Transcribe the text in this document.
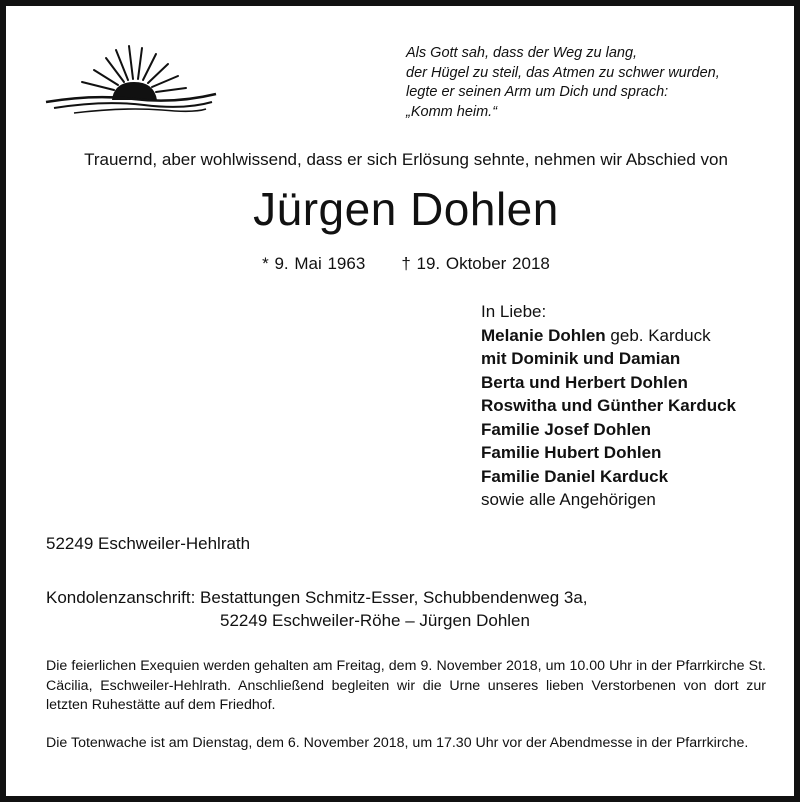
Als Gott sah, dass der Weg zu lang,
der Hügel zu steil, das Atmen zu schwer wurden,
legte er seinen Arm um Dich und sprach:
„Komm heim.“
Trauernd, aber wohlwissend, dass er sich Erlösung sehnte, nehmen wir Abschied von
Jürgen Dohlen
* 9. Mai 1963 † 19. Oktober 2018
In Liebe:
Melanie Dohlen geb. Karduck
mit Dominik und Damian
Berta und Herbert Dohlen
Roswitha und Günther Karduck
Familie Josef Dohlen
Familie Hubert Dohlen
Familie Daniel Karduck
sowie alle Angehörigen
52249 Eschweiler-Hehlrath
Kondolenzanschrift: Bestattungen Schmitz-Esser, Schubbendenweg 3a,
52249 Eschweiler-Röhe – Jürgen Dohlen
Die feierlichen Exequien werden gehalten am Freitag, dem 9. November 2018, um 10.00 Uhr in der Pfarrkirche St. Cäcilia, Eschweiler-Hehlrath. Anschließend begleiten wir die Urne unseres lieben Verstorbenen von dort zur letzten Ruhestätte auf dem Friedhof.
Die Totenwache ist am Dienstag, dem 6. November 2018, um 17.30 Uhr vor der Abendmesse in der Pfarrkirche.
